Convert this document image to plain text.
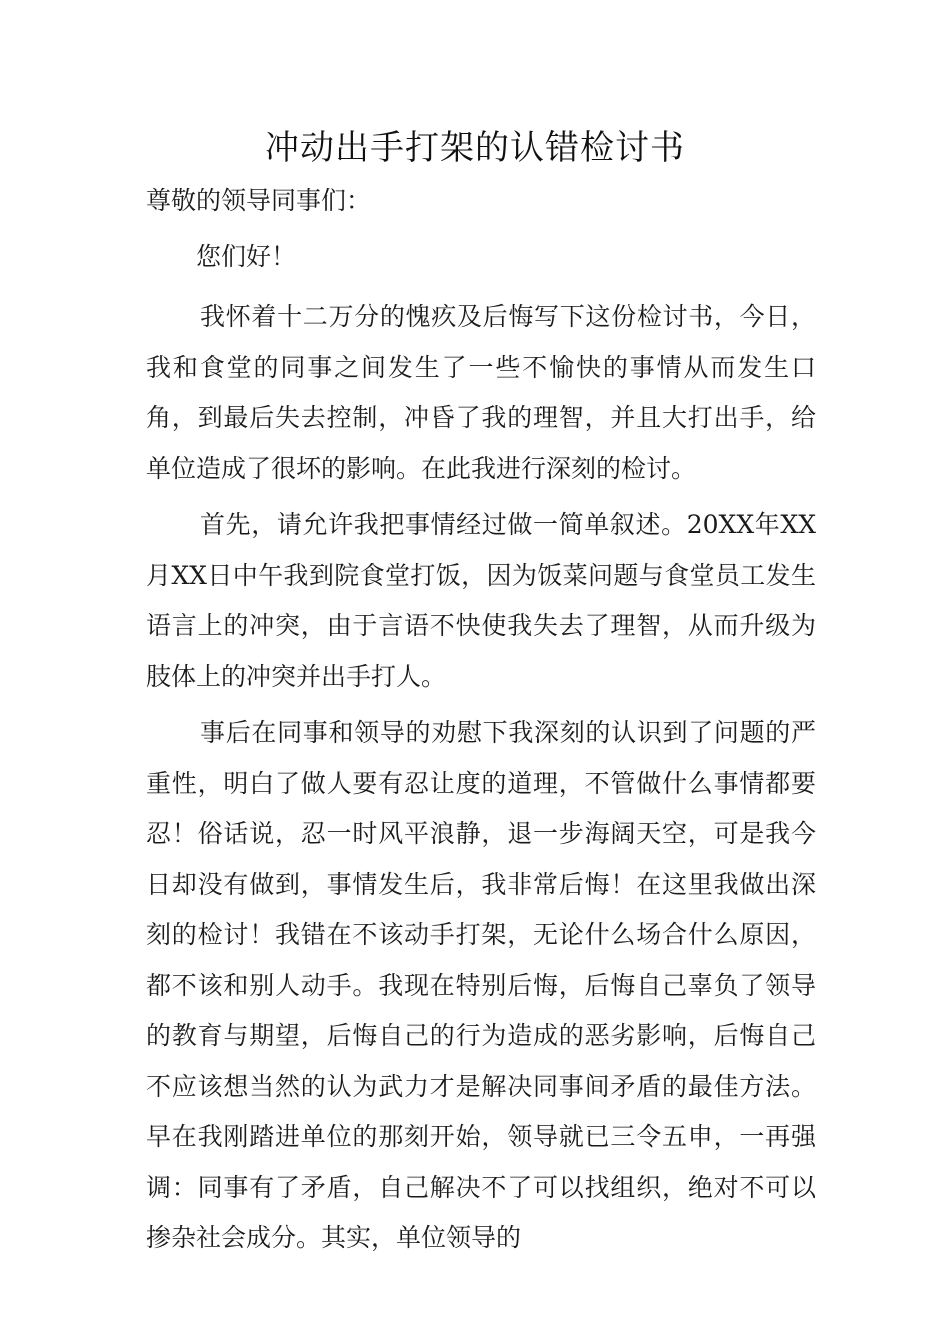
冲动出手打架的认错检讨书

尊敬的领导同事们：

您们好！

我怀着十二万分的愧疚及后悔写下这份检讨书，今日，我和食堂的同事之间发生了一些不愉快的事情从而发生口角，到最后失去控制，冲昏了我的理智，并且大打出手，给单位造成了很坏的影响。在此我进行深刻的检讨。

首先，请允许我把事情经过做一简单叙述。20XX年XX月XX日中午我到院食堂打饭，因为饭菜问题与食堂员工发生语言上的冲突，由于言语不快使我失去了理智，从而升级为肢体上的冲突并出手打人。

事后在同事和领导的劝慰下我深刻的认识到了问题的严重性，明白了做人要有忍让度的道理，不管做什么事情都要忍！俗话说，忍一时风平浪静，退一步海阔天空，可是我今日却没有做到，事情发生后，我非常后悔！在这里我做出深刻的检讨！我错在不该动手打架，无论什么场合什么原因，都不该和别人动手。我现在特别后悔，后悔自己辜负了领导的教育与期望，后悔自己的行为造成的恶劣影响，后悔自己不应该想当然的认为武力才是解决同事间矛盾的最佳方法。早在我刚踏进单位的那刻开始，领导就已三令五申，一再强调：同事有了矛盾，自己解决不了可以找组织，绝对不可以掺杂社会成分。其实，单位领导的
